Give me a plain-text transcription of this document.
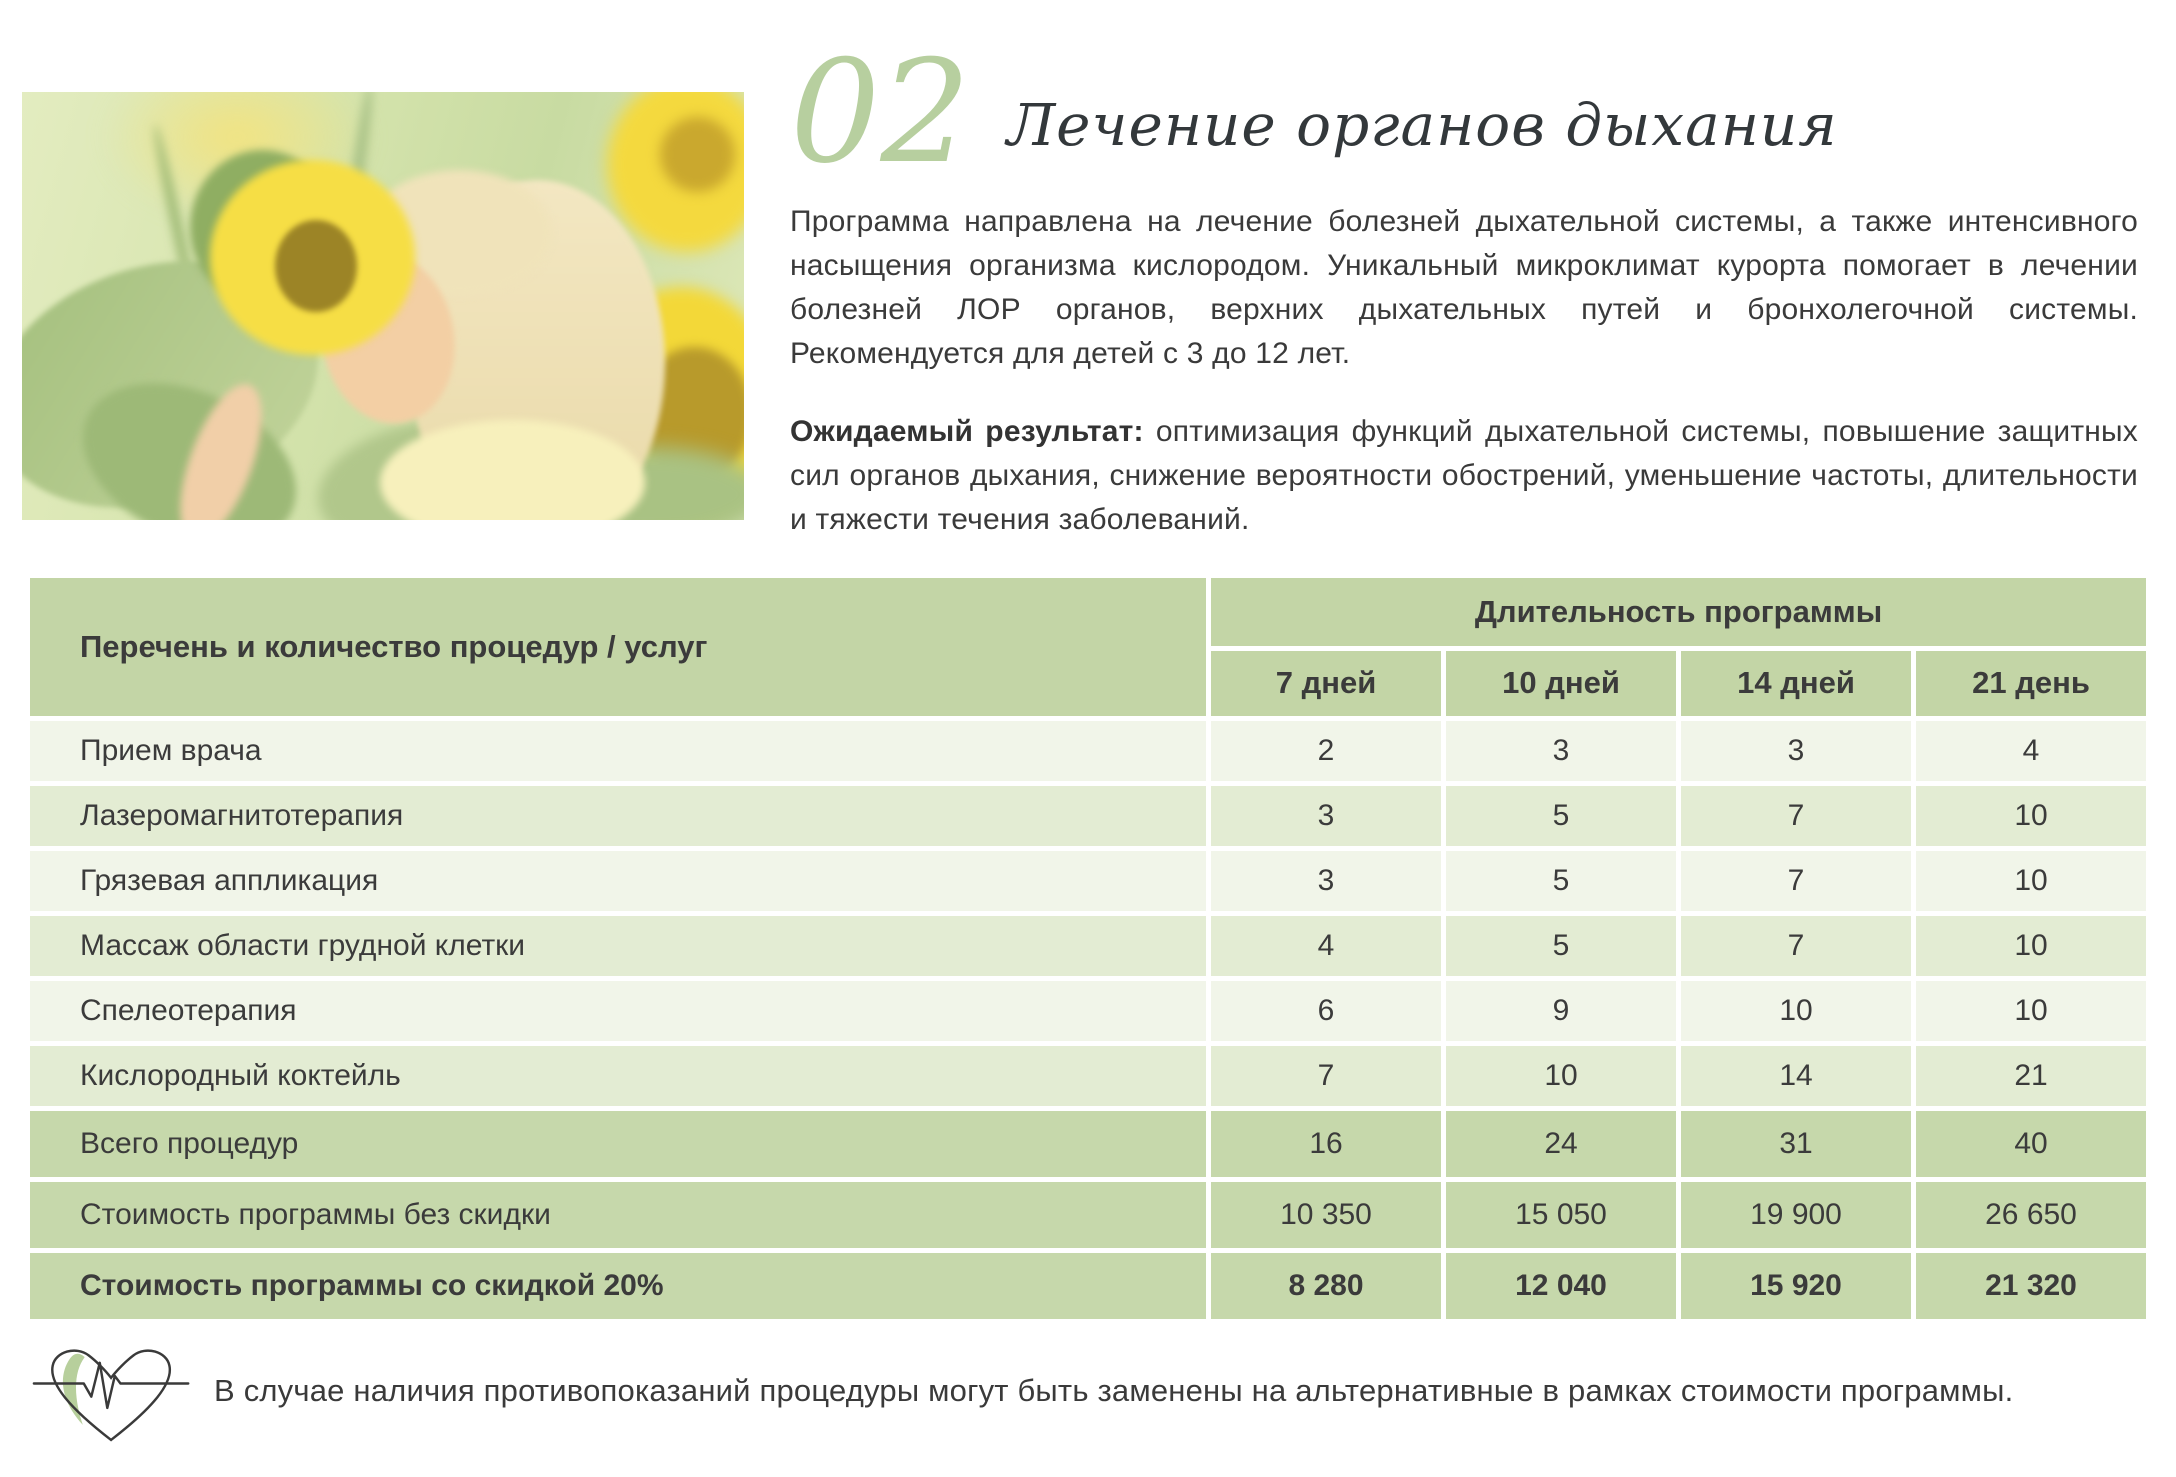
02 Лечение органов дыхания

Программа направлена на лечение болезней дыхательной системы, а также интенсивного насыщения организма кислородом. Уникальный микроклимат курорта помогает в лечении болезней ЛОР органов, верхних дыхательных путей и бронхолегочной системы. Рекомендуется для детей с 3 до 12 лет.

Ожидаемый результат: оптимизация функций дыхательной системы, повышение защитных сил органов дыхания, снижение вероятности обострений, уменьшение частоты, длительности и тяжести течения заболеваний.

Перечень и количество процедур / услуг	Длительность программы			
	7 дней	10 дней	14 дней	21 день
Прием врача	2	3	3	4
Лазеромагнитотерапия	3	5	7	10
Грязевая аппликация	3	5	7	10
Массаж области грудной клетки	4	5	7	10
Спелеотерапия	6	9	10	10
Кислородный коктейль	7	10	14	21
Всего процедур	16	24	31	40
Стоимость программы без скидки	10 350	15 050	19 900	26 650
Стоимость программы со скидкой 20%	8 280	12 040	15 920	21 320
В случае наличия противопоказаний процедуры могут быть заменены на альтернативные в рамках стоимости программы.
